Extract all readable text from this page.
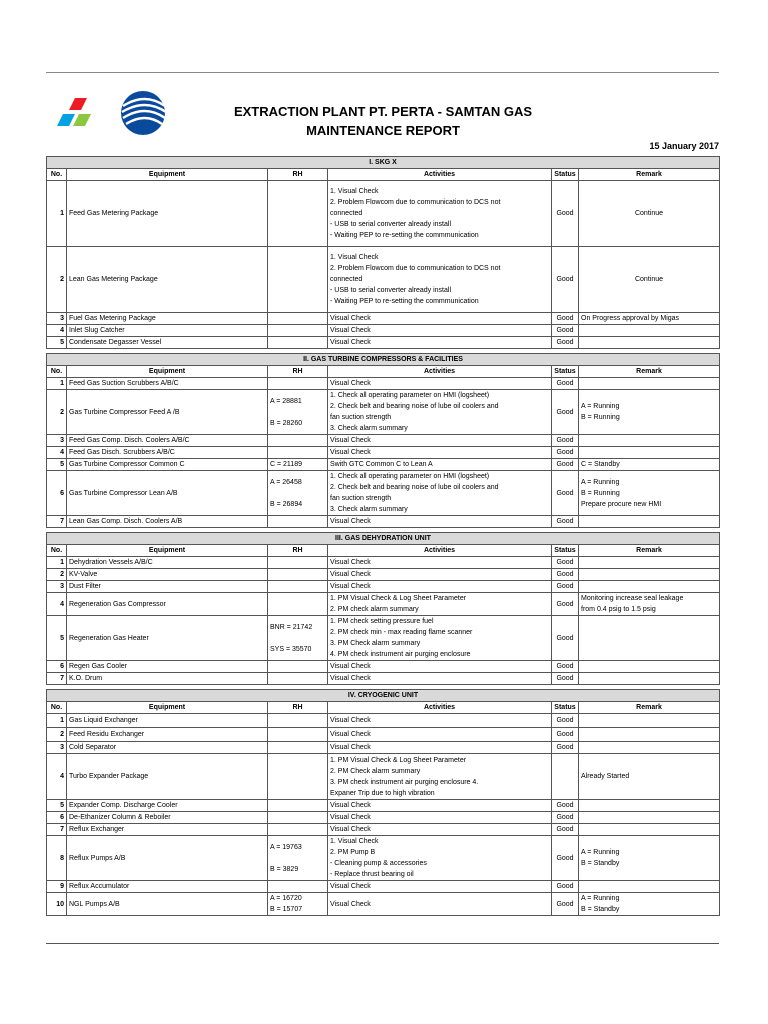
EXTRACTION PLANT PT. PERTA - SAMTAN GAS
MAINTENANCE REPORT
15 January 2017
I. SKG X					
No.	Equipment	RH	Activities	Status	Remark
1	Feed Gas Metering Package		1. Visual Check
2. Problem Flowcom due to communication to DCS not
connected
- USB to serial converter already install
- Waiting PEP to re-setting the commmunication	Good	Continue
2	Lean Gas Metering Package		1. Visual Check
2. Problem Flowcom due to communication to DCS not
connected
- USB to serial converter already install
- Waiting PEP to re-setting the commmunication	Good	Continue
3	Fuel Gas Metering Package		Visual Check	Good	On Progress approval by Migas
4	Inlet Slug Catcher		Visual Check	Good	
5	Condensate Degasser Vessel		Visual Check	Good	

II. GAS TURBINE COMPRESSORS & FACILITIES					
No.	Equipment	RH	Activities	Status	Remark
1	Feed Gas Suction Scrubbers A/B/C		Visual Check	Good	
2	Gas Turbine Compressor Feed A /B	A = 28881

B = 28260	1. Check all operating parameter on HMI (logsheet)
2. Check belt and bearing noise of lube oil coolers and
fan suction strength
3. Check alarm summary	Good	A = Running
B = Running
3	Feed Gas Comp. Disch. Coolers A/B/C		Visual Check	Good	
4	Feed Gas Disch. Scrubbers A/B/C		Visual Check	Good	
5	Gas Turbine Compressor Common C	C = 21189	Swith GTC Common C to Lean A	Good	C = Standby
6	Gas Turbine Compressor Lean A/B	A = 26458

B = 26894	1. Check all operating parameter on HMI (logsheet)
2. Check belt and bearing noise of lube oil coolers and
fan suction strength
3. Check alarm summary	Good	A = Running
B = Running
Prepare procure new HMI
7	Lean Gas Comp. Disch. Coolers A/B		Visual Check	Good	

III. GAS DEHYDRATION UNIT					
No.	Equipment	RH	Activities	Status	Remark
1	Dehydration Vessels A/B/C		Visual Check	Good	
2	KV-Valve		Visual Check	Good	
3	Dust Filter		Visual Check	Good	
4	Regeneration Gas Compressor		1. PM Visual Check & Log Sheet Parameter
2. PM check alarm summary	Good	Monitoring increase seal leakage
from 0.4 psig to 1.5 psig
5	Regeneration Gas Heater	BNR = 21742

SYS = 35570	1. PM check setting pressure fuel
2. PM check min - max reading flame scanner
3. PM Check alarm summary
4. PM check instrument air purging enclosure	Good	
6	Regen Gas Cooler		Visual Check	Good	
7	K.O. Drum		Visual Check	Good	

IV. CRYOGENIC UNIT					
No.	Equipment	RH	Activities	Status	Remark
1	Gas Liquid Exchanger		Visual Check	Good	
2	Feed Residu Exchanger		Visual Check	Good	
3	Cold Separator		Visual Check	Good	
4	Turbo Expander Package		1. PM Visual Check & Log Sheet Parameter
2. PM Check alarm summary
3. PM check instrument air purging enclosure 4.
Expaner Trip due to high vibration		Already Started
5	Expander Comp. Discharge Cooler		Visual Check	Good	
6	De-Ethanizer Column & Reboiler		Visual Check	Good	
7	Reflux Exchanger		Visual Check	Good	
8	Reflux Pumps A/B	A = 19763

B = 3829	1. Visual Check
2. PM Pump B
- Cleaning pump & accessories
- Replace thrust bearing oil	Good	A = Running
B = Standby
9	Reflux Accumulator		Visual Check	Good	
10	NGL Pumps A/B	A = 16720
B = 15707	Visual Check	Good	A = Running
B = Standby
